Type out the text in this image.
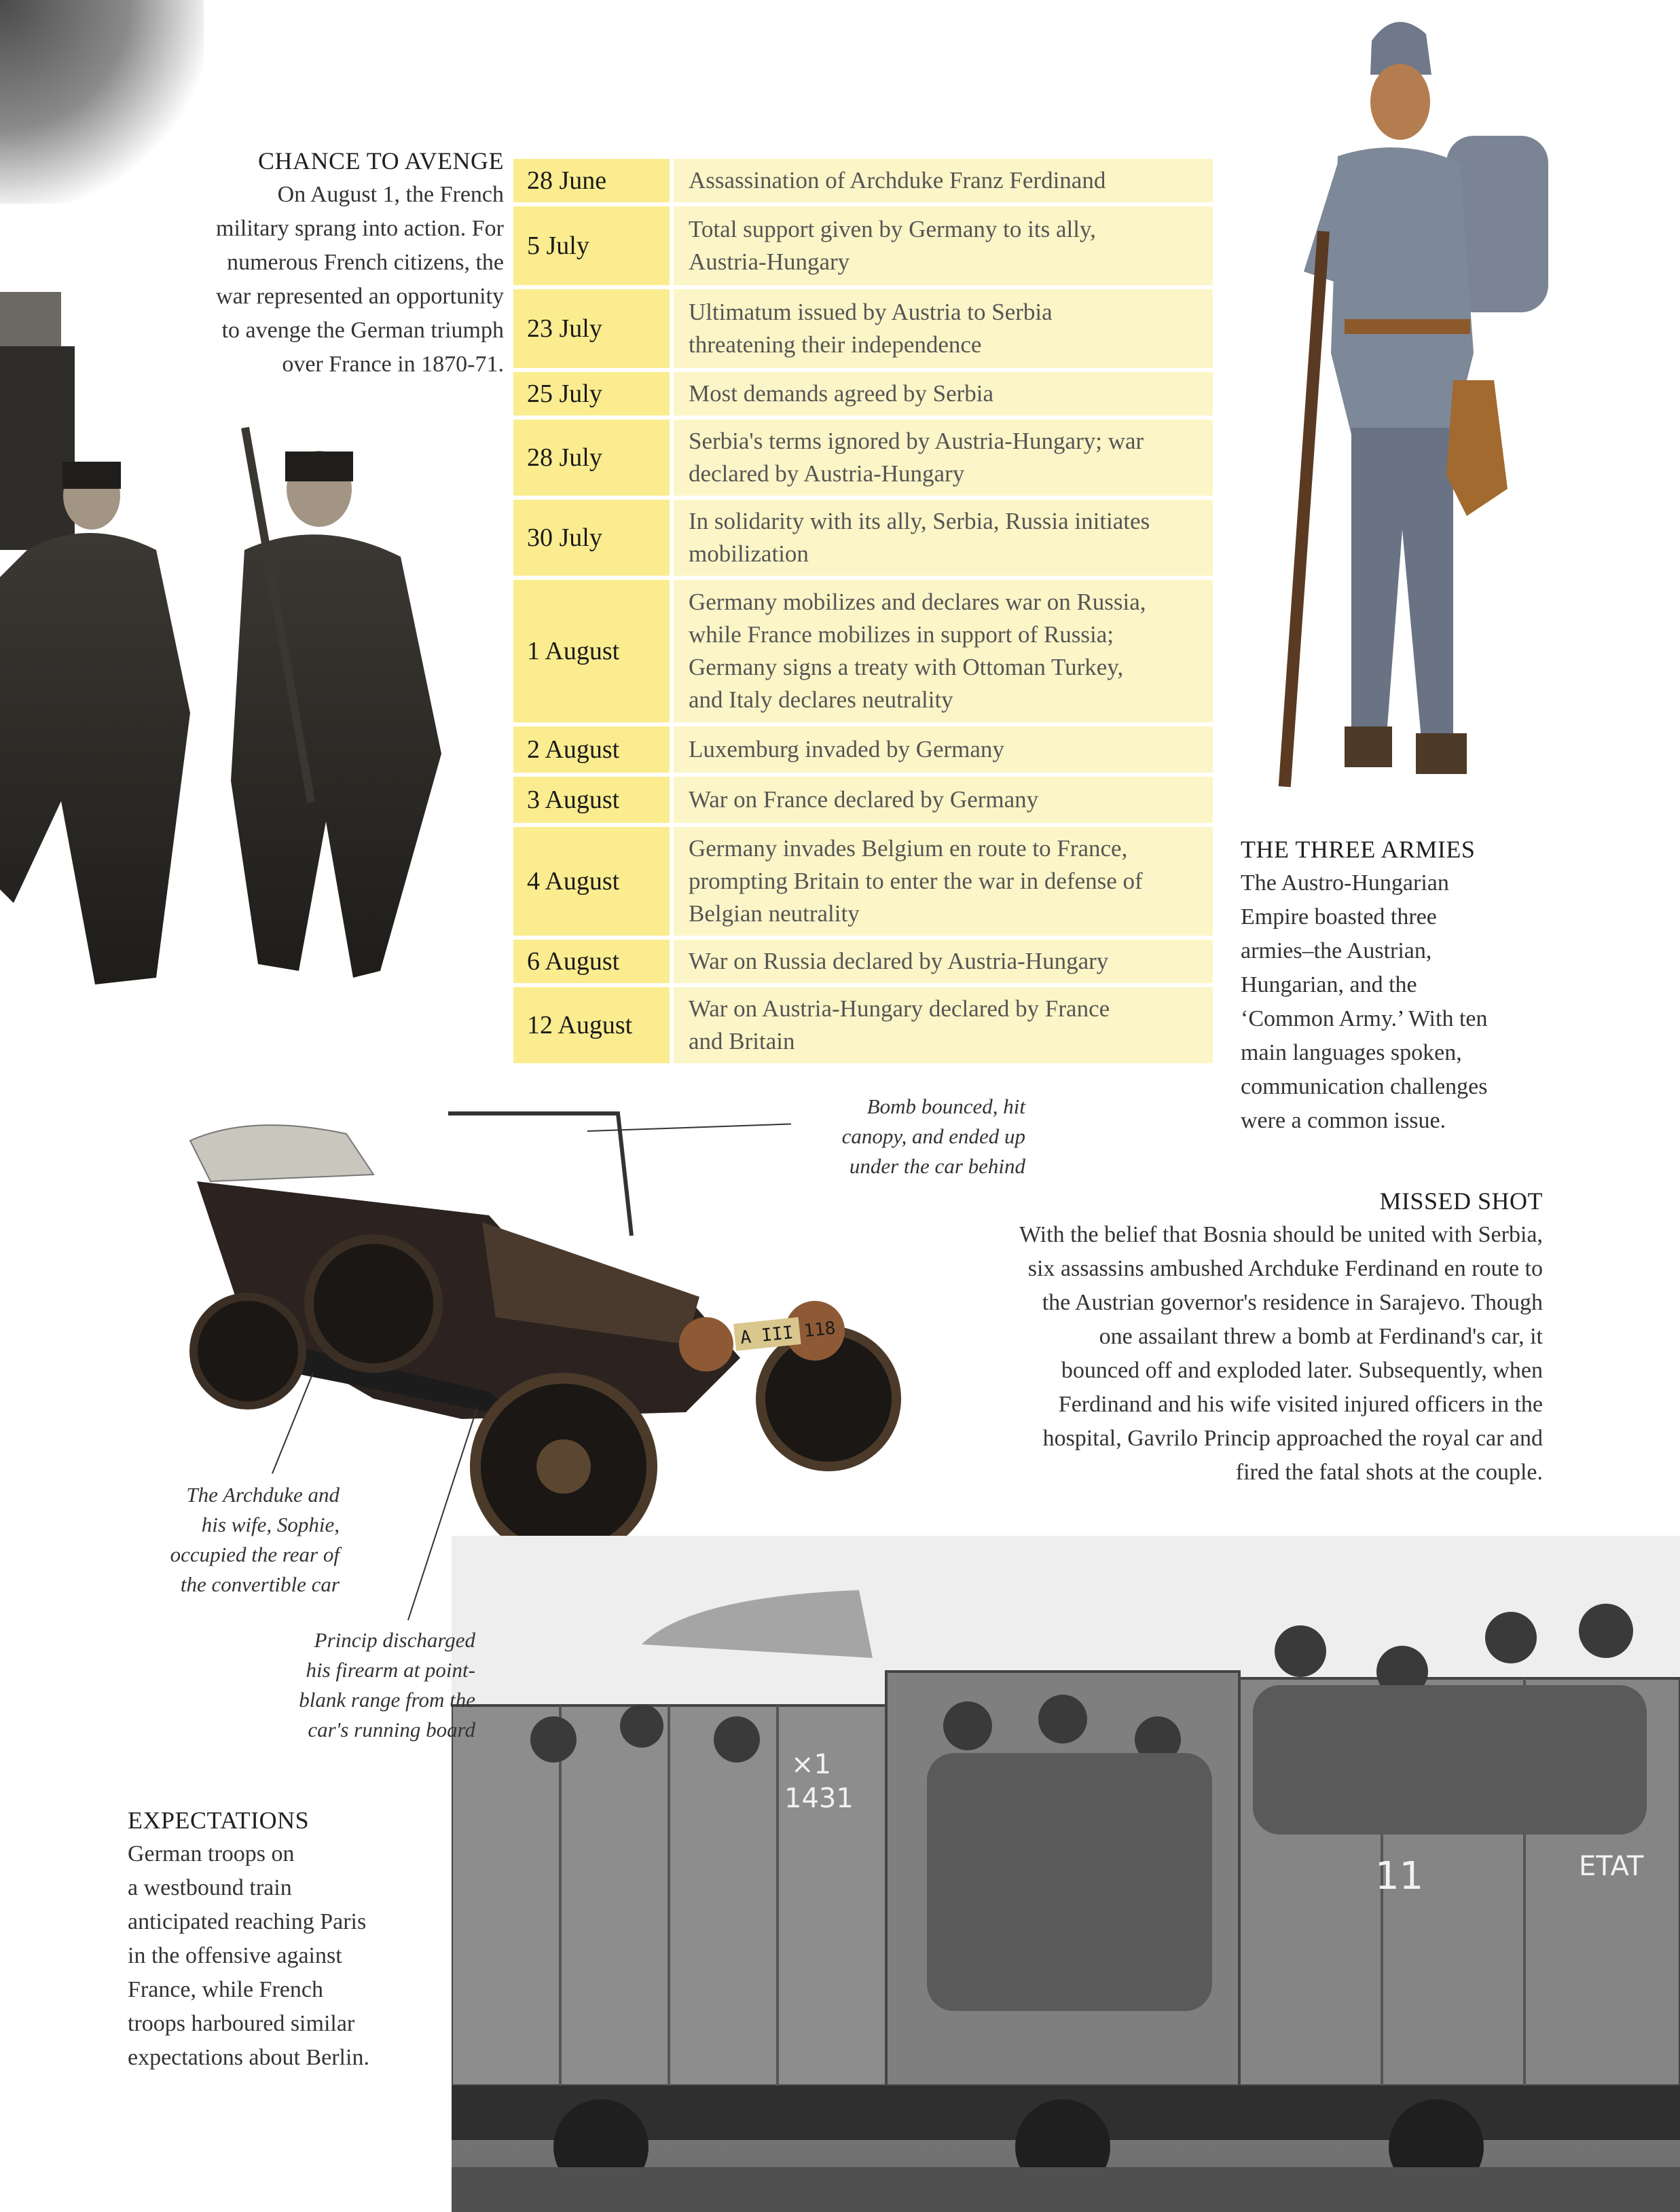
A III 118
×1
1431
ETAT
11
CHANCE TO AVENGE

On August 1, the French
military sprang into action. For
numerous French citizens, the
war represented an opportunity
to avenge the German triumph
over France in 1870-71.

28 June	Assassination of Archduke Franz Ferdinand
5 July	Total support given by Germany to its ally,
Austria-Hungary
23 July	Ultimatum issued by Austria to Serbia
threatening their independence
25 July	Most demands agreed by Serbia
28 July	Serbia's terms ignored by Austria-Hungary; war
declared by Austria-Hungary
30 July	In solidarity with its ally, Serbia, Russia initiates
mobilization
1 August	Germany mobilizes and declares war on Russia,
while France mobilizes in support of Russia;
Germany signs a treaty with Ottoman Turkey,
and Italy declares neutrality
2 August	Luxemburg invaded by Germany
3 August	War on France declared by Germany
4 August	Germany invades Belgium en route to France,
prompting Britain to enter the war in defense of
Belgian neutrality
6 August	War on Russia declared by Austria-Hungary
12 August	War on Austria-Hungary declared by France
and Britain
THE THREE ARMIES

The Austro-Hungarian
Empire boasted three
armies–the Austrian,
Hungarian, and the
‘Common Army.’ With ten
main languages spoken,
communication challenges
were a common issue.

MISSED SHOT

With the belief that Bosnia should be united with Serbia,
six assassins ambushed Archduke Ferdinand en route to
the Austrian governor's residence in Sarajevo. Though
one assailant threw a bomb at Ferdinand's car, it
bounced off and exploded later. Subsequently, when
Ferdinand and his wife visited injured officers in the
hospital, Gavrilo Princip approached the royal car and
fired the fatal shots at the couple.

Bomb bounced, hit
canopy, and ended up
under the car behind
The Archduke and
his wife, Sophie,
occupied the rear of
the convertible car
Princip discharged
his firearm at point-
blank range from the
car's running board
EXPECTATIONS

German troops on
a westbound train
anticipated reaching Paris
in the offensive against
France, while French
troops harboured similar
expectations about Berlin.
